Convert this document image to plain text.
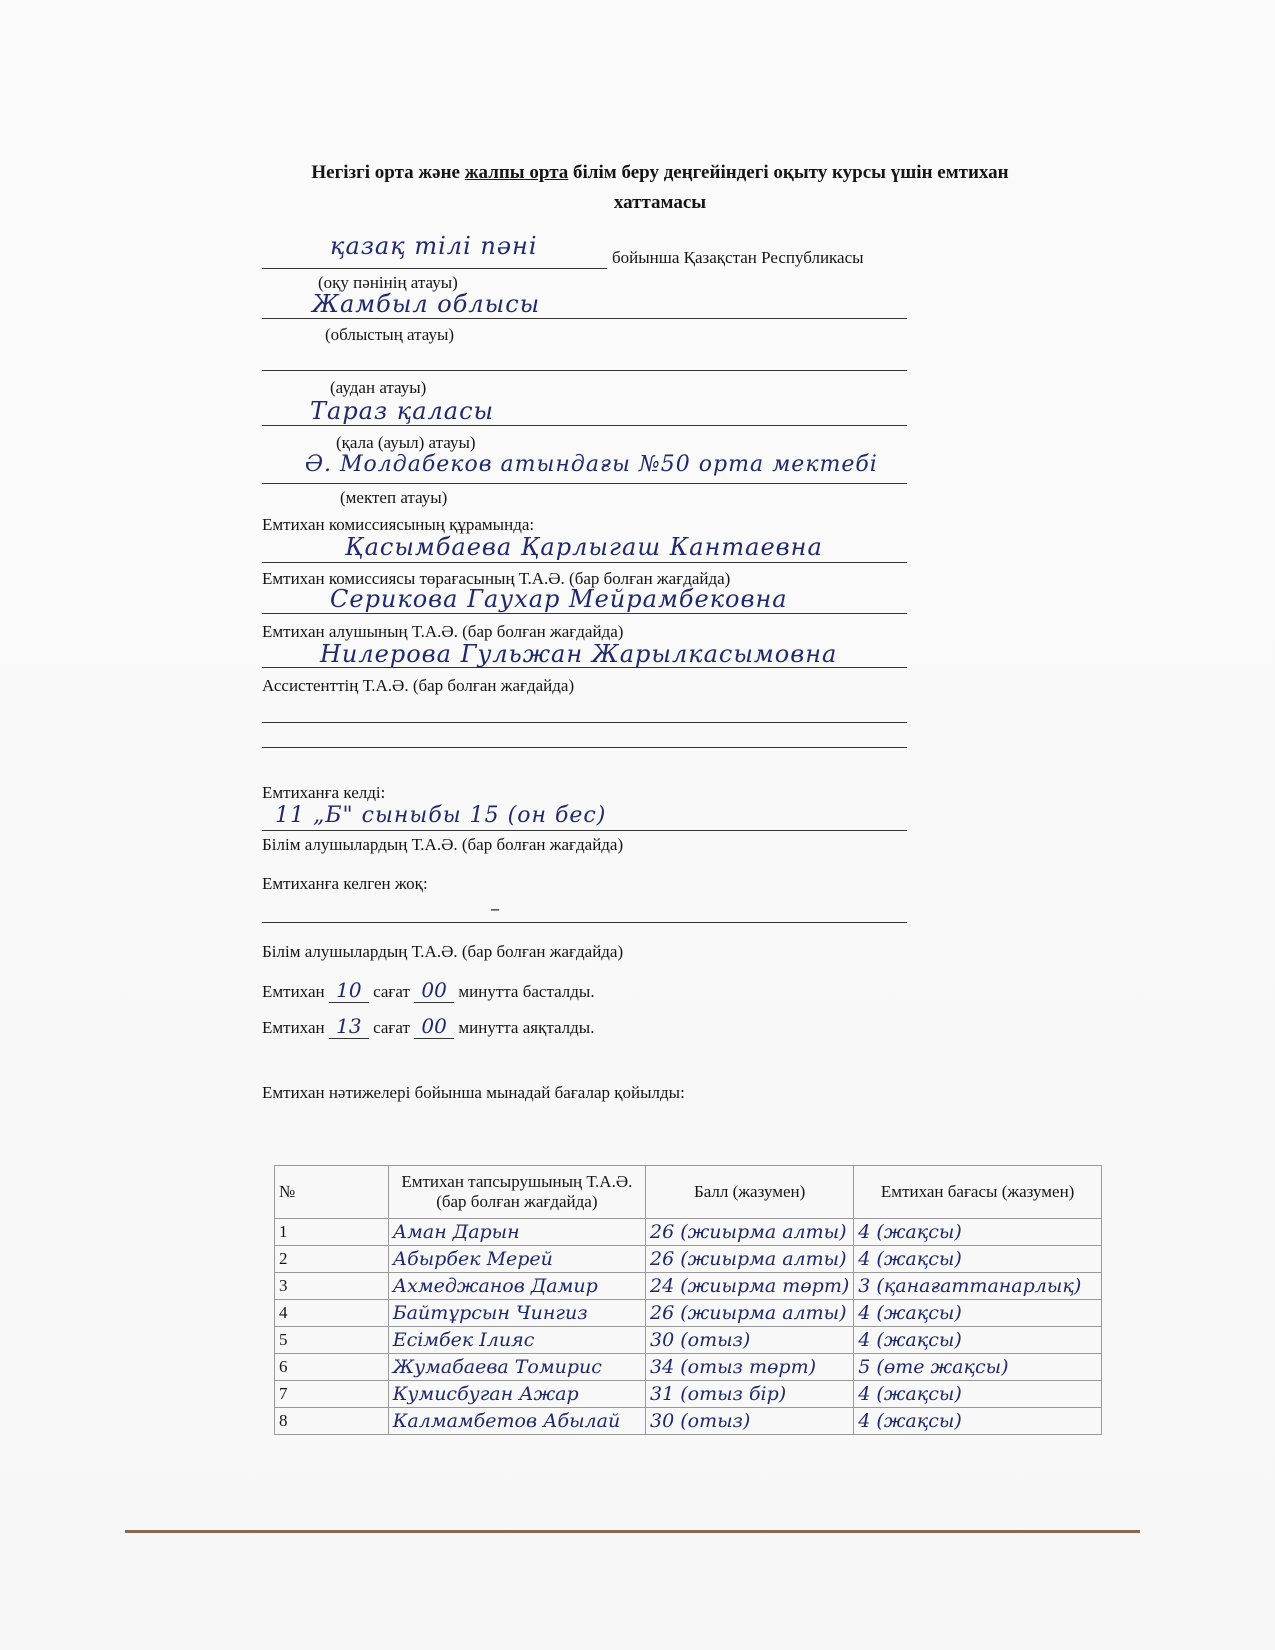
Негізгі орта және жалпы орта білім беру деңгейіндегі оқыту курсы үшін емтихан
хаттамасы
қазақ тілі пәні	бойынша Қазақстан Республикасы
(оқу пәнінің атауы)
Жамбыл облысы
(облыстың атауы)
(аудан атауы)
Тараз қаласы
(қала (ауыл) атауы)
Ә. Молдабеков атындағы №50 орта мектебі
(мектеп атауы)
Емтихан комиссиясының құрамында:
Қасымбаева Қарлыгаш Кантаевна
Емтихан комиссиясы төрағасының Т.А.Ә. (бар болған жағдайда)
Серикова Гаухар Мейрамбековна
Емтихан алушының Т.А.Ә. (бар болған жағдайда)
Нилерова Гульжан Жарылкасымовна
Ассистенттің Т.А.Ә. (бар болған жағдайда)
Емтиханға келді:
11 „Б" сыныбы 15 (он бес)
Білім алушылардың Т.А.Ә. (бар болған жағдайда)
Емтиханға келген жоқ:
–
Білім алушылардың Т.А.Ә. (бар болған жағдайда)
Емтихан 10 сағат 00 минутта басталды.
Емтихан 13 сағат 00 минутта аяқталды.
Емтихан нәтижелері бойынша мынадай бағалар қойылды:
№	Емтихан тапсырушының Т.А.Ә. (бар болған жағдайда)	Балл (жазумен)	Емтихан бағасы (жазумен)
1	Аман Дарын	26 (жиырма алты)	4 (жақсы)
2	Абырбек Мерей	26 (жиырма алты)	4 (жақсы)
3	Ахмеджанов Дамир	24 (жиырма төрт)	3 (қанағаттанарлық)
4	Байтұрсын Чингиз	26 (жиырма алты)	4 (жақсы)
5	Есімбек Ілияс	30 (отыз)	4 (жақсы)
6	Жумабаева Томирис	34 (отыз төрт)	5 (өте жақсы)
7	Кумисбуган Ажар	31 (отыз бір)	4 (жақсы)
8	Калмамбетов Абылай	30 (отыз)	4 (жақсы)
